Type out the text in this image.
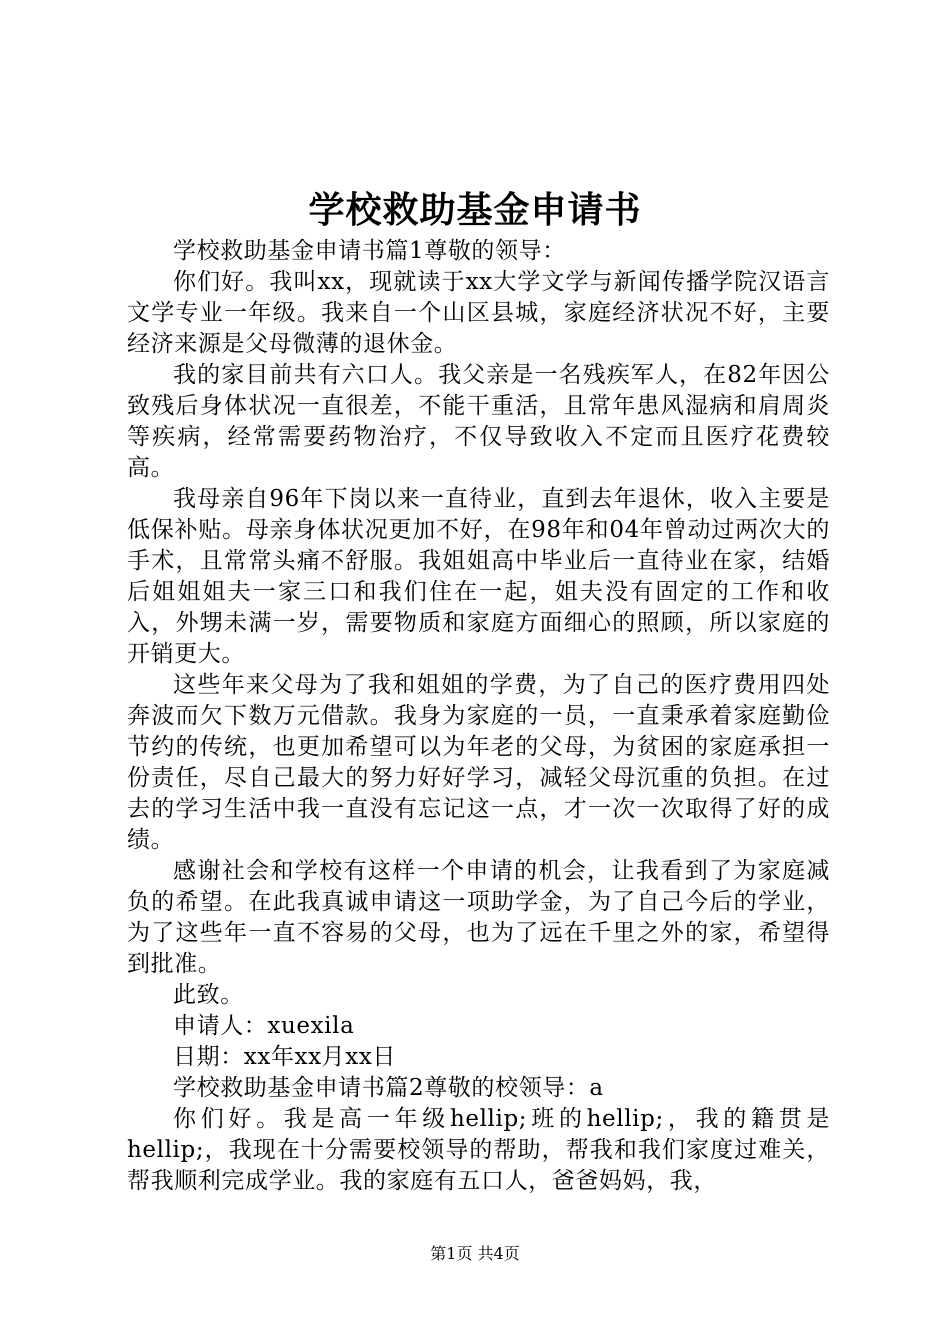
学校救助基金申请书

学校救助基金申请书篇1尊敬的领导：

你们好。我叫xx，现就读于xx大学文学与新闻传播学院汉语言文学专业一年级。我来自一个山区县城，家庭经济状况不好，主要经济来源是父母微薄的退休金。

我的家目前共有六口人。我父亲是一名残疾军人，在82年因公致残后身体状况一直很差，不能干重活，且常年患风湿病和肩周炎等疾病，经常需要药物治疗，不仅导致收入不定而且医疗花费较高。

我母亲自96年下岗以来一直待业，直到去年退休，收入主要是低保补贴。母亲身体状况更加不好，在98年和04年曾动过两次大的手术，且常常头痛不舒服。我姐姐高中毕业后一直待业在家，结婚后姐姐姐夫一家三口和我们住在一起，姐夫没有固定的工作和收入，外甥未满一岁，需要物质和家庭方面细心的照顾，所以家庭的开销更大。

这些年来父母为了我和姐姐的学费，为了自己的医疗费用四处奔波而欠下数万元借款。我身为家庭的一员，一直秉承着家庭勤俭节约的传统，也更加希望可以为年老的父母，为贫困的家庭承担一份责任，尽自己最大的努力好好学习，减轻父母沉重的负担。在过去的学习生活中我一直没有忘记这一点，才一次一次取得了好的成绩。

感谢社会和学校有这样一个申请的机会，让我看到了为家庭减负的希望。在此我真诚申请这一项助学金，为了自己今后的学业，为了这些年一直不容易的父母，也为了远在千里之外的家，希望得到批准。

此致。

申请人：xuexila

日期：xx年xx月xx日

学校救助基金申请书篇2尊敬的校领导：a

你们好。我是高一年级hellip;班的hellip;，我的籍贯是hellip;，我现在十分需要校领导的帮助，帮我和我们家度过难关，帮我顺利完成学业。我的家庭有五口人，爸爸妈妈，我，

第1页 共4页
